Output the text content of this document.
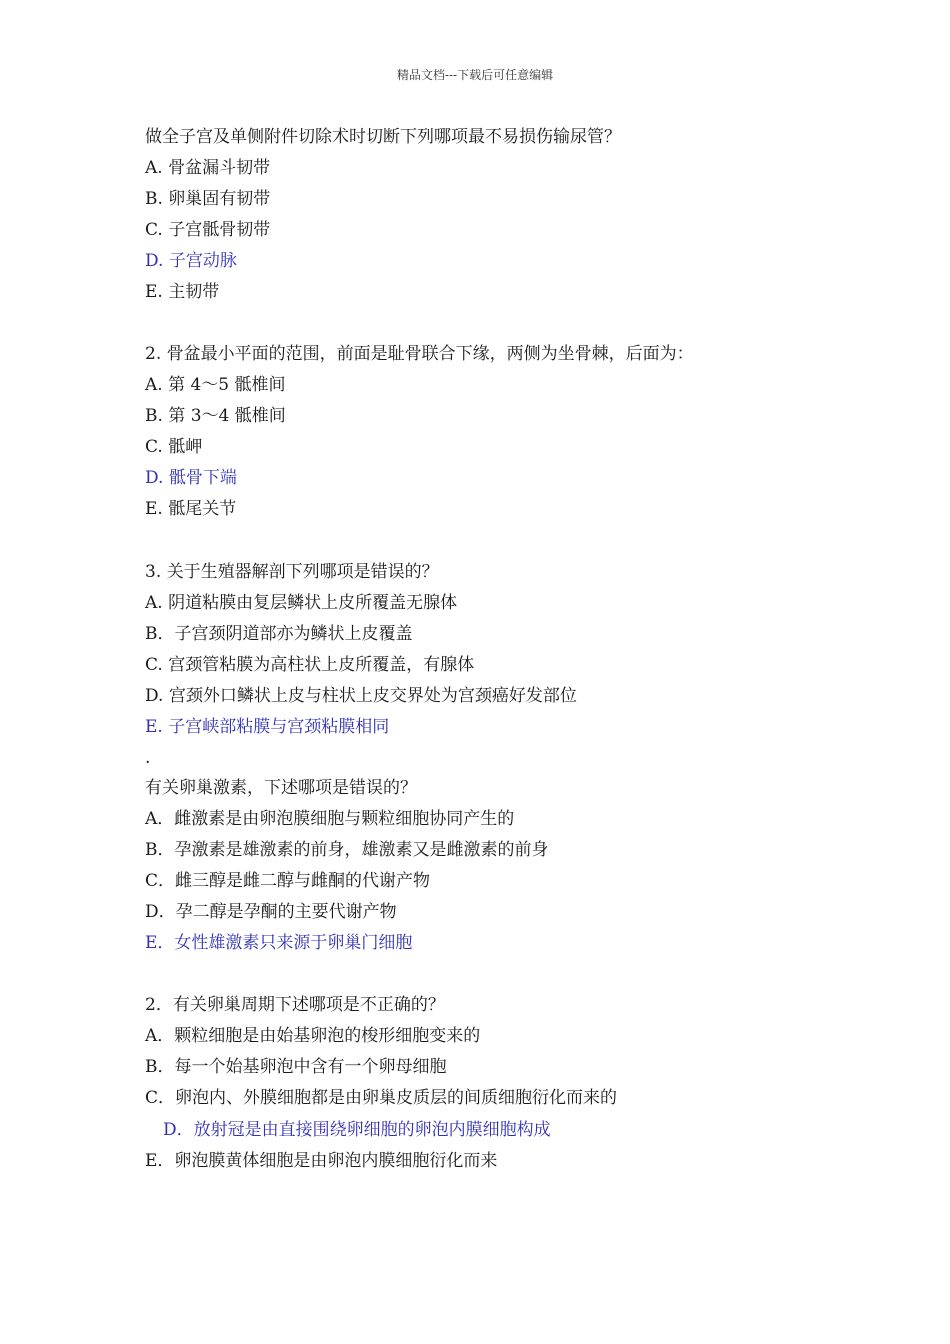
精品文档---下载后可任意编辑
做全子宫及单侧附件切除术时切断下列哪项最不易损伤输尿管？
A. 骨盆漏斗韧带
B. 卵巢固有韧带
C. 子宫骶骨韧带
D. 子宫动脉
E. 主韧带
2. 骨盆最小平面的范围，前面是耻骨联合下缘，两侧为坐骨棘，后面为：
A. 第 4～5 骶椎间
B. 第 3～4 骶椎间
C. 骶岬
D. 骶骨下端
E. 骶尾关节
3. 关于生殖器解剖下列哪项是错误的？
A. 阴道粘膜由复层鳞状上皮所覆盖无腺体
B．子宫颈阴道部亦为鳞状上皮覆盖
C. 宫颈管粘膜为高柱状上皮所覆盖，有腺体
D. 宫颈外口鳞状上皮与柱状上皮交界处为宫颈癌好发部位
E. 子宫峡部粘膜与宫颈粘膜相同
.
有关卵巢激素，下述哪项是错误的？
A．雌激素是由卵泡膜细胞与颗粒细胞协同产生的
B．孕激素是雄激素的前身，雄激素又是雌激素的前身
C．雌三醇是雌二醇与雌酮的代谢产物
D．孕二醇是孕酮的主要代谢产物
E．女性雄激素只来源于卵巢门细胞
2．有关卵巢周期下述哪项是不正确的？
A．颗粒细胞是由始基卵泡的梭形细胞变来的
B．每一个始基卵泡中含有一个卵母细胞
C．卵泡内、外膜细胞都是由卵巢皮质层的间质细胞衍化而来的
D．放射冠是由直接围绕卵细胞的卵泡内膜细胞构成
E．卵泡膜黄体细胞是由卵泡内膜细胞衍化而来
